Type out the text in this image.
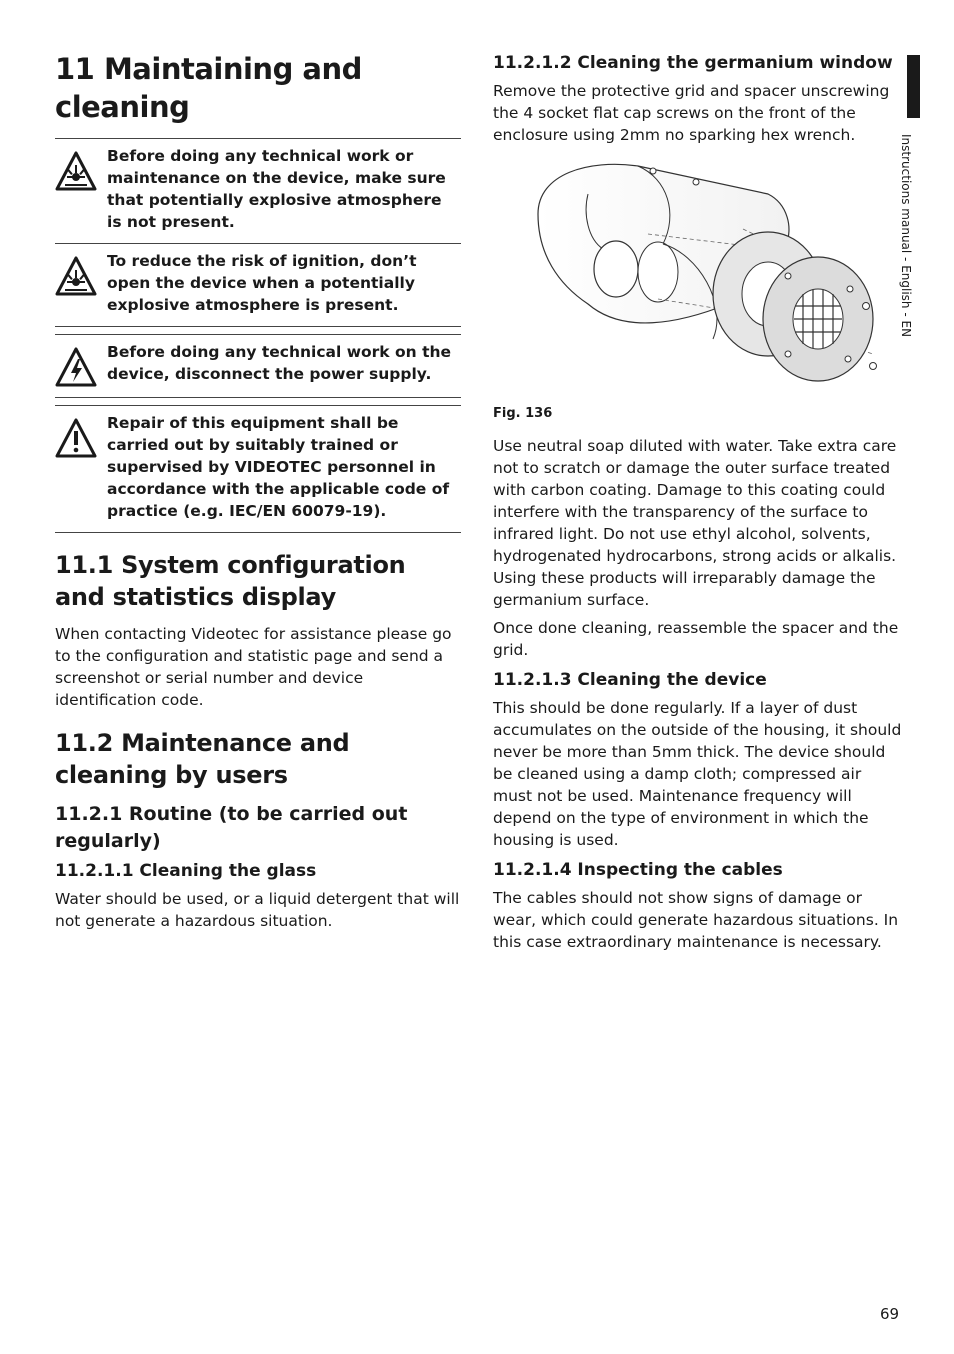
Instructions manual - English - EN
11 Maintaining and cleaning
Before doing any technical work or maintenance on the device, make sure that potentially explosive atmosphere is not present.
To reduce the risk of ignition, don’t open the device when a potentially explosive atmosphere is present.
Before doing any technical work on the device, disconnect the power supply.
Repair of this equipment shall be carried out by suitably trained or supervised by VIDEOTEC personnel in accordance with the applicable code of practice (e.g. IEC/EN 60079-19).
11.1 System configuration and statistics display

When contacting Videotec for assistance please go to the configuration and statistic page and send a screenshot or serial number and device identification code.

11.2 Maintenance and cleaning by users
11.2.1 Routine (to be carried out regularly)
11.2.1.1 Cleaning the glass

Water should be used, or a liquid detergent that will not generate a hazardous situation.

11.2.1.2 Cleaning the germanium window

Remove the protective grid and spacer unscrewing the 4 socket flat cap screws on the front of the enclosure using 2mm no sparking hex wrench.

Fig. 136

Use neutral soap diluted with water. Take extra care not to scratch or damage the outer surface treated with carbon coating. Damage to this coating could interfere with the transparency of the surface to infrared light. Do not use ethyl alcohol, solvents, hydrogenated hydrocarbons, strong acids or alkalis. Using these products will irreparably damage the germanium surface.

Once done cleaning, reassemble the spacer and the grid.

11.2.1.3 Cleaning the device

This should be done regularly. If a layer of dust accumulates on the outside of the housing, it should never be more than 5mm thick. The device should be cleaned using a damp cloth; compressed air must not be used. Maintenance frequency will depend on the type of environment in which the housing is used.

11.2.1.4 Inspecting the cables

The cables should not show signs of damage or wear, which could generate hazardous situations. In this case extraordinary maintenance is necessary.

69
